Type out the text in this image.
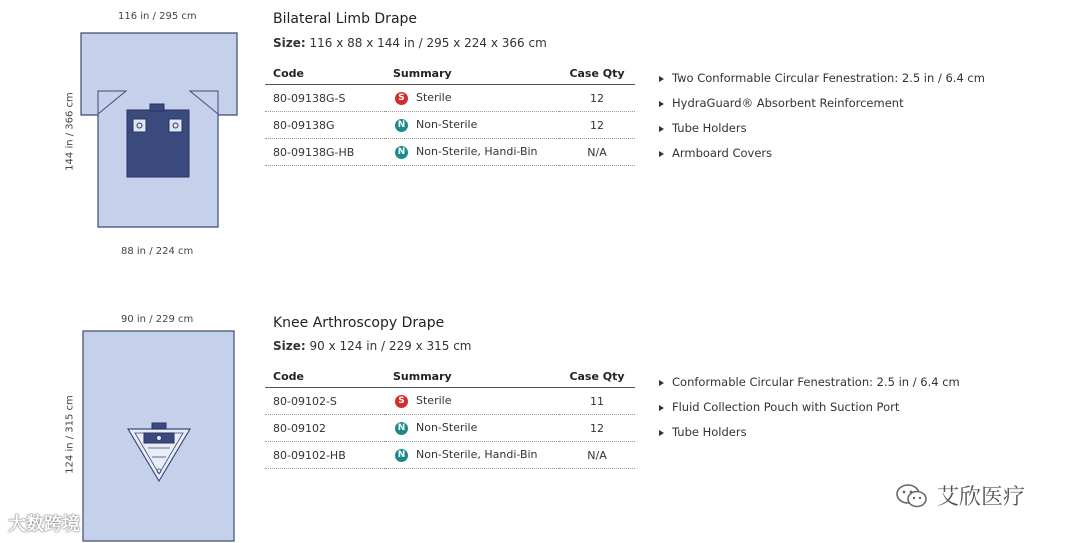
116 in / 295 cm
144 in / 366 cm
88 in / 224 cm
Bilateral Limb Drape
Size: 116 x 88 x 144 in / 295 x 224 x 366 cm
Code	Summary	Case Qty
80-09138G-S	S Sterile	12
80-09138G	N Non-Sterile	12
80-09138G-HB	N Non-Sterile, Handi-Bin	N/A
Two Conformable Circular Fenestration: 2.5 in / 6.4 cm
HydraGuard® Absorbent Reinforcement
Tube Holders
Armboard Covers
90 in / 229 cm
124 in / 315 cm
Knee Arthroscopy Drape
Size: 90 x 124 in / 229 x 315 cm
Code	Summary	Case Qty
80-09102-S	S Sterile	11
80-09102	N Non-Sterile	12
80-09102-HB	N Non-Sterile, Handi-Bin	N/A
Conformable Circular Fenestration: 2.5 in / 6.4 cm
Fluid Collection Pouch with Suction Port
Tube Holders
大数跨境
艾欣医疗
